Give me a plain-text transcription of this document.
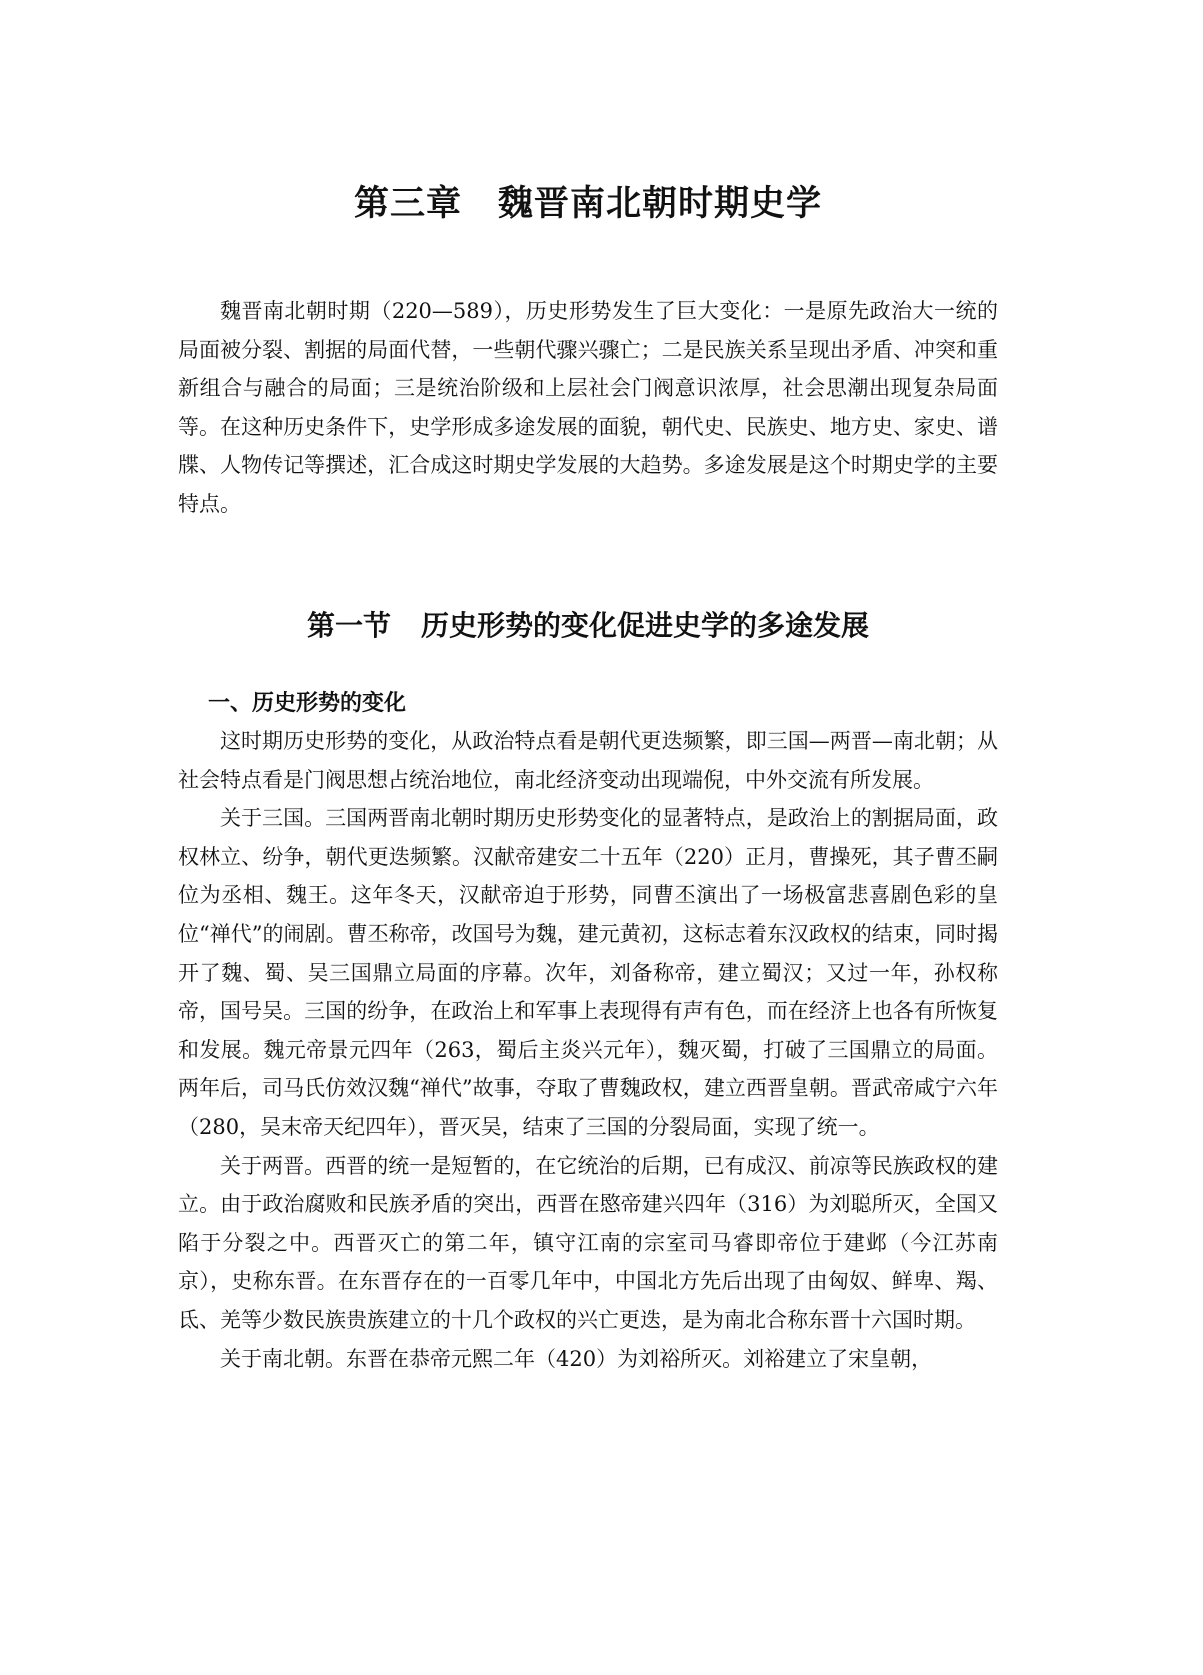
第三章 魏晋南北朝时期史学

魏晋南北朝时期（220—589），历史形势发生了巨大变化：一是原先政治大一统的局面被分裂、割据的局面代替，一些朝代骤兴骤亡；二是民族关系呈现出矛盾、冲突和重新组合与融合的局面；三是统治阶级和上层社会门阀意识浓厚，社会思潮出现复杂局面等。在这种历史条件下，史学形成多途发展的面貌，朝代史、民族史、地方史、家史、谱牒、人物传记等撰述，汇合成这时期史学发展的大趋势。多途发展是这个时期史学的主要特点。

第一节 历史形势的变化促进史学的多途发展
一、历史形势的变化

这时期历史形势的变化，从政治特点看是朝代更迭频繁，即三国—两晋—南北朝；从社会特点看是门阀思想占统治地位，南北经济变动出现端倪，中外交流有所发展。

关于三国。三国两晋南北朝时期历史形势变化的显著特点，是政治上的割据局面，政权林立、纷争，朝代更迭频繁。汉献帝建安二十五年（220）正月，曹操死，其子曹丕嗣位为丞相、魏王。这年冬天，汉献帝迫于形势，同曹丕演出了一场极富悲喜剧色彩的皇位“禅代”的闹剧。曹丕称帝，改国号为魏，建元黄初，这标志着东汉政权的结束，同时揭开了魏、蜀、吴三国鼎立局面的序幕。次年，刘备称帝，建立蜀汉；又过一年，孙权称帝，国号吴。三国的纷争，在政治上和军事上表现得有声有色，而在经济上也各有所恢复和发展。魏元帝景元四年（263，蜀后主炎兴元年），魏灭蜀，打破了三国鼎立的局面。两年后，司马氏仿效汉魏“禅代”故事，夺取了曹魏政权，建立西晋皇朝。晋武帝咸宁六年（280，吴末帝天纪四年），晋灭吴，结束了三国的分裂局面，实现了统一。

关于两晋。西晋的统一是短暂的，在它统治的后期，已有成汉、前凉等民族政权的建立。由于政治腐败和民族矛盾的突出，西晋在愍帝建兴四年（316）为刘聪所灭，全国又陷于分裂之中。西晋灭亡的第二年，镇守江南的宗室司马睿即帝位于建邺（今江苏南京），史称东晋。在东晋存在的一百零几年中，中国北方先后出现了由匈奴、鲜卑、羯、氐、羌等少数民族贵族建立的十几个政权的兴亡更迭，是为南北合称东晋十六国时期。

关于南北朝。东晋在恭帝元熙二年（420）为刘裕所灭。刘裕建立了宋皇朝，
